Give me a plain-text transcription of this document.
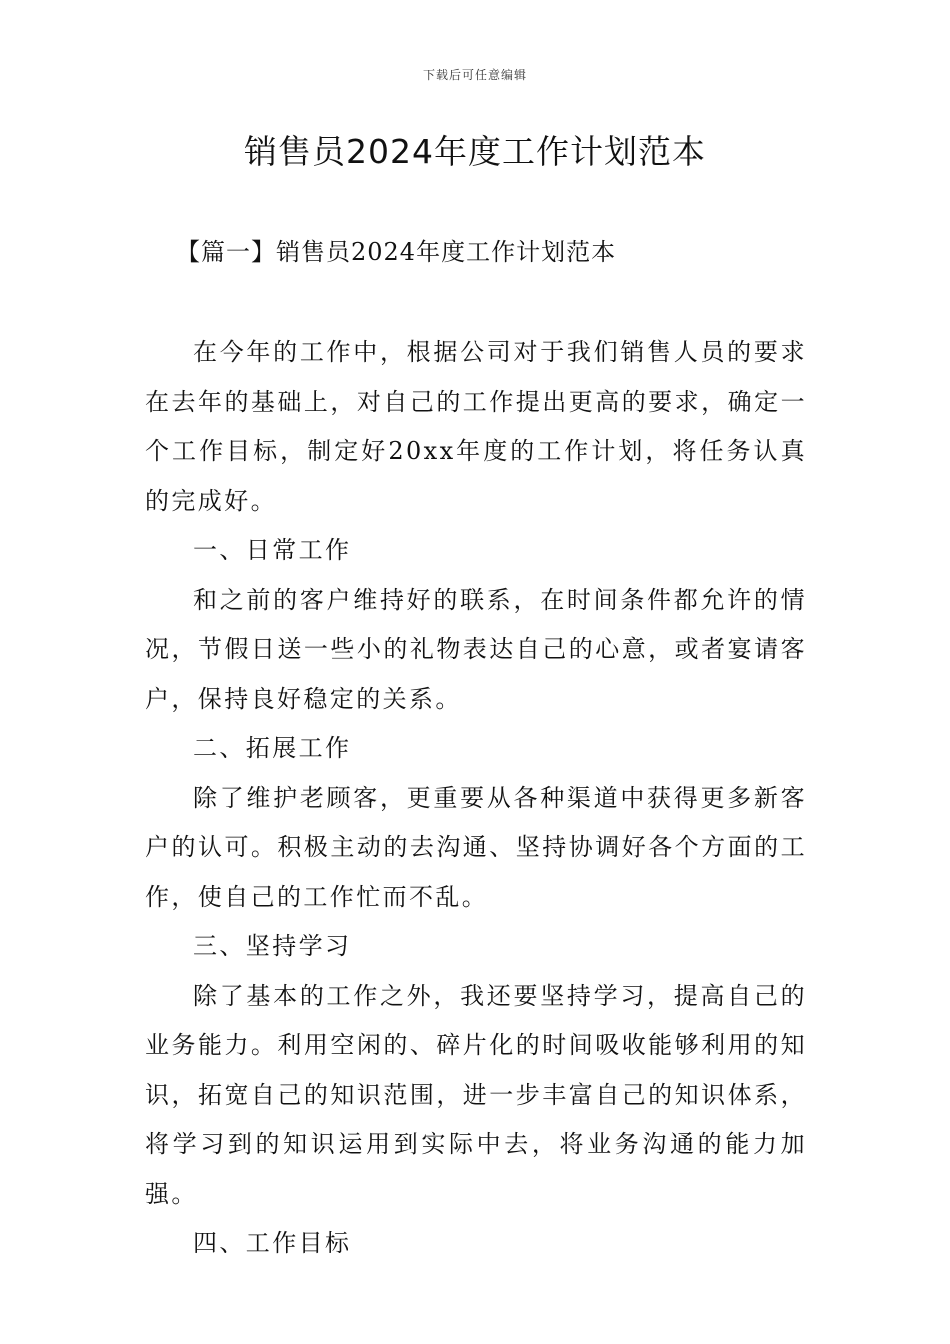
下载后可任意编辑
销售员2024年度工作计划范本
【篇一】销售员2024年度工作计划范本

在今年的工作中，根据公司对于我们销售人员的要求在去年的基础上，对自己的工作提出更高的要求，确定一个工作目标，制定好20xx年度的工作计划，将任务认真的完成好。

一、日常工作

和之前的客户维持好的联系，在时间条件都允许的情况，节假日送一些小的礼物表达自己的心意，或者宴请客户，保持良好稳定的关系。

二、拓展工作

除了维护老顾客，更重要从各种渠道中获得更多新客户的认可。积极主动的去沟通、坚持协调好各个方面的工作，使自己的工作忙而不乱。

三、坚持学习

除了基本的工作之外，我还要坚持学习，提高自己的业务能力。利用空闲的、碎片化的时间吸收能够利用的知识，拓宽自己的知识范围，进一步丰富自己的知识体系，将学习到的知识运用到实际中去，将业务沟通的能力加强。

四、工作目标
